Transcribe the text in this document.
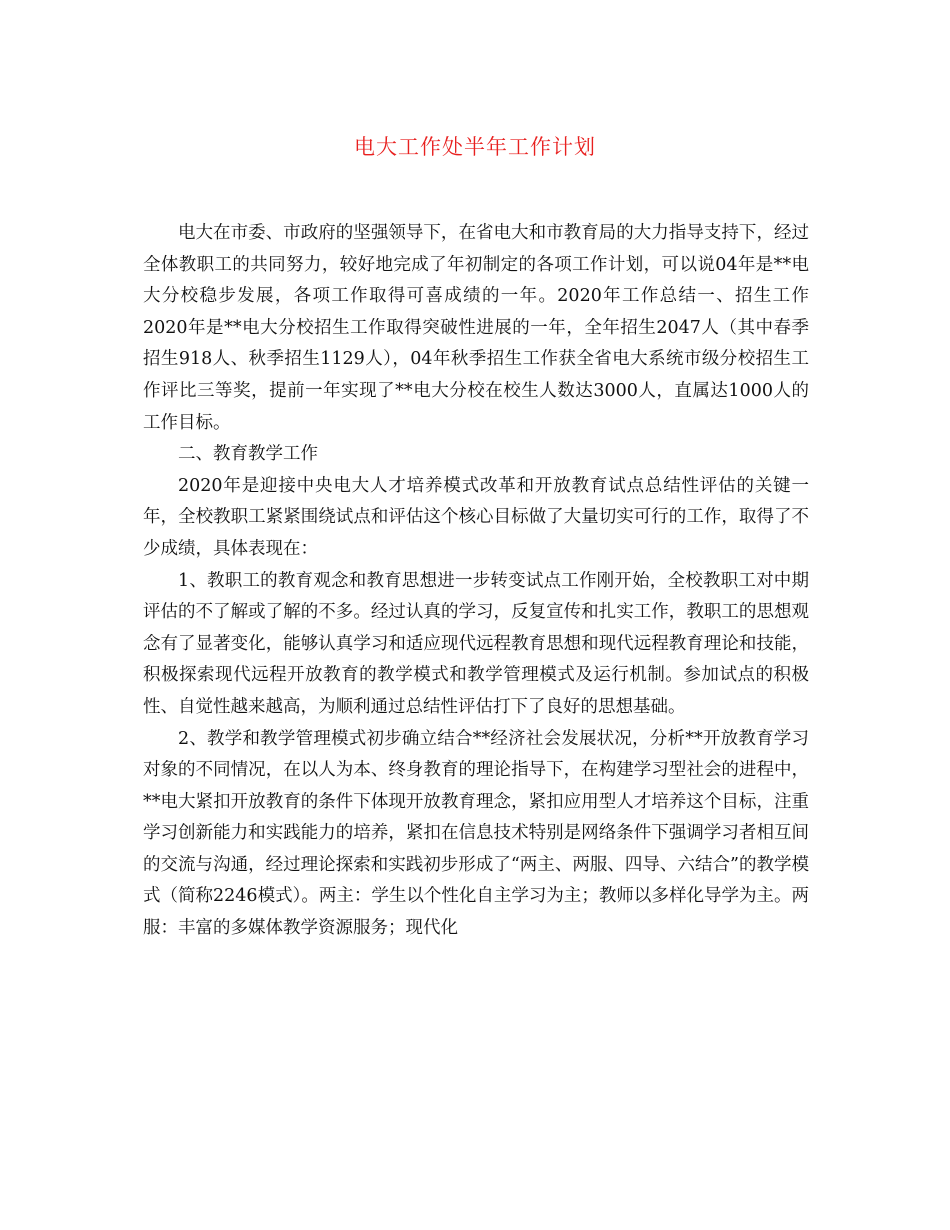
电大工作处半年工作计划

电大在市委、市政府的坚强领导下，在省电大和市教育局的大力指导支持下，经过全体教职工的共同努力，较好地完成了年初制定的各项工作计划，可以说04年是**电大分校稳步发展，各项工作取得可喜成绩的一年。2020年工作总结一、招生工作2020年是**电大分校招生工作取得突破性进展的一年，全年招生2047人（其中春季招生918人、秋季招生1129人），04年秋季招生工作获全省电大系统市级分校招生工作评比三等奖，提前一年实现了**电大分校在校生人数达3000人，直属达1000人的工作目标。

二、教育教学工作

2020年是迎接中央电大人才培养模式改革和开放教育试点总结性评估的关键一年，全校教职工紧紧围绕试点和评估这个核心目标做了大量切实可行的工作，取得了不少成绩，具体表现在：

1、教职工的教育观念和教育思想进一步转变试点工作刚开始，全校教职工对中期评估的不了解或了解的不多。经过认真的学习，反复宣传和扎实工作，教职工的思想观念有了显著变化，能够认真学习和适应现代远程教育思想和现代远程教育理论和技能，积极探索现代远程开放教育的教学模式和教学管理模式及运行机制。参加试点的积极性、自觉性越来越高，为顺利通过总结性评估打下了良好的思想基础。

2、教学和教学管理模式初步确立结合**经济社会发展状况，分析**开放教育学习对象的不同情况，在以人为本、终身教育的理论指导下，在构建学习型社会的进程中，**电大紧扣开放教育的条件下体现开放教育理念，紧扣应用型人才培养这个目标，注重学习创新能力和实践能力的培养，紧扣在信息技术特别是网络条件下强调学习者相互间的交流与沟通，经过理论探索和实践初步形成了“两主、两服、四导、六结合”的教学模式（简称2246模式）。两主：学生以个性化自主学习为主；教师以多样化导学为主。两服：丰富的多媒体教学资源服务；现代化
